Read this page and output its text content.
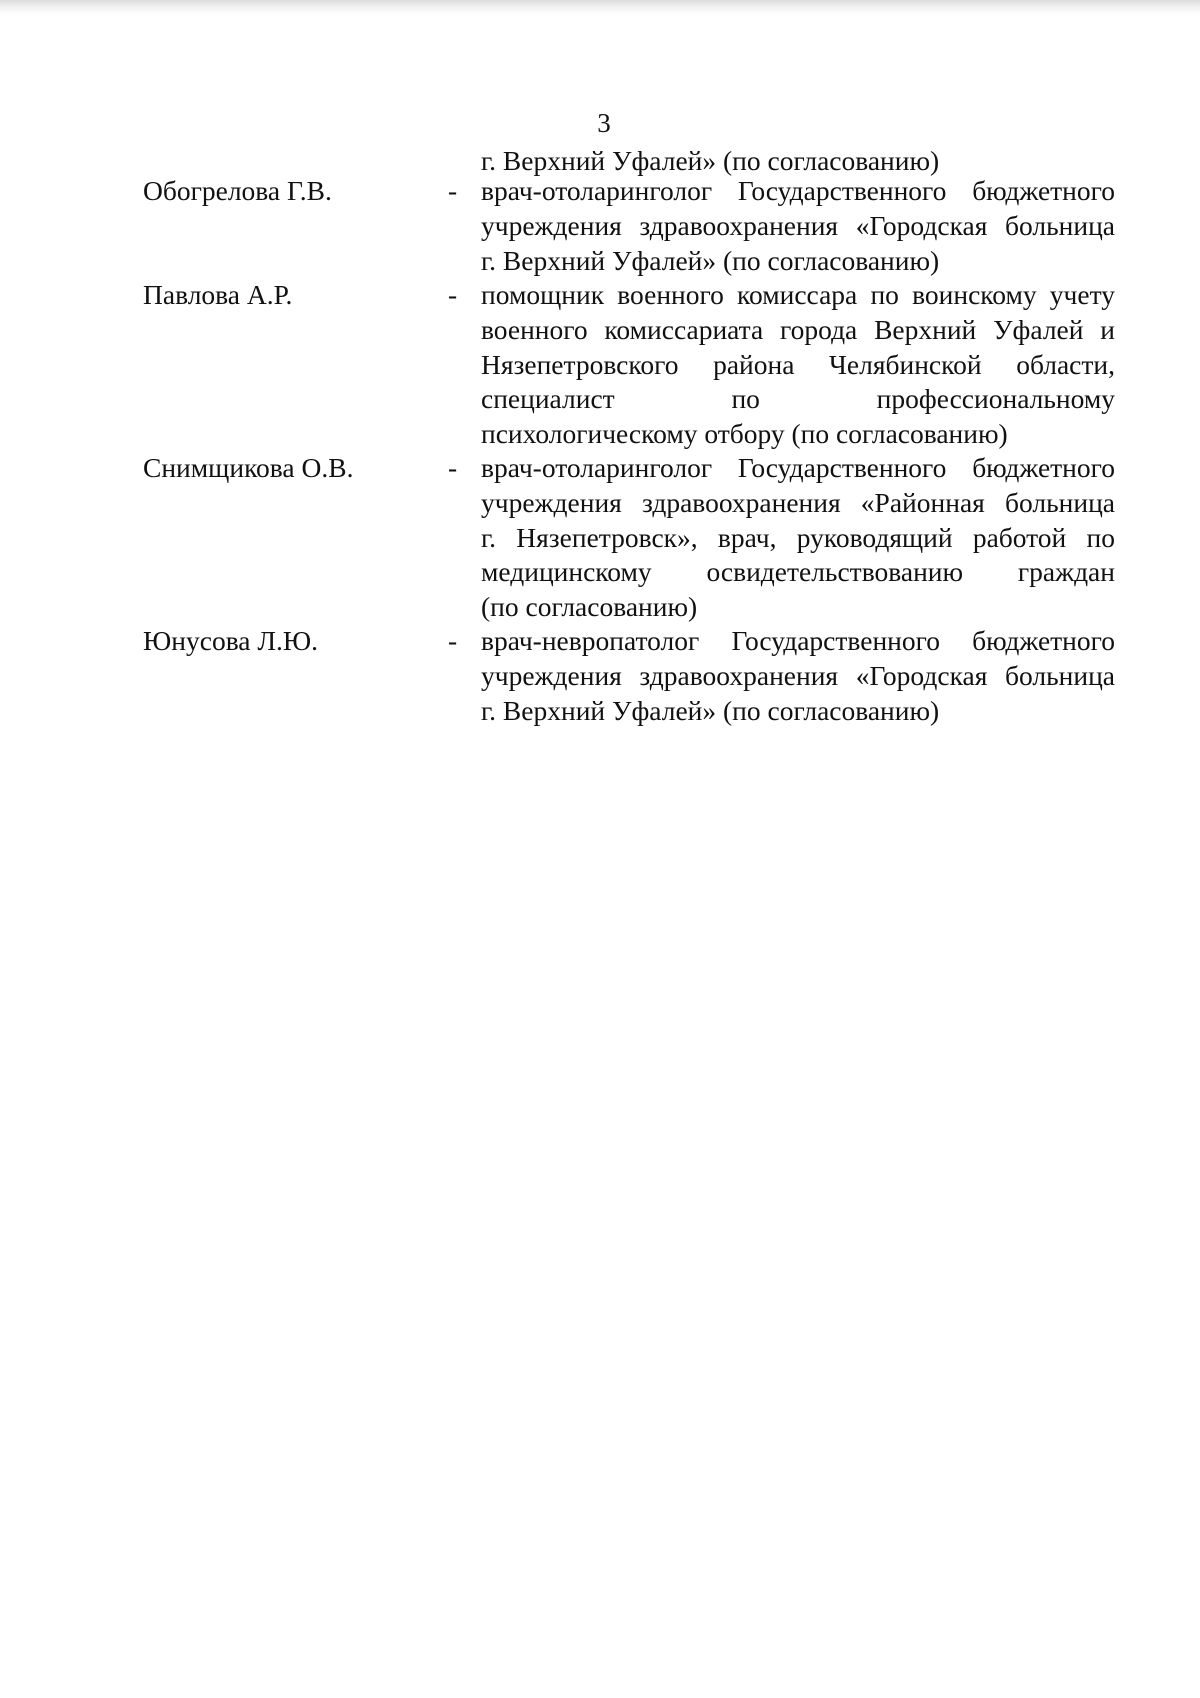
3
г. Верхний Уфалей» (по согласованию)
Обогрелова Г.В.	- врач-отоларинголог Государственного бюджетного
учреждения здравоохранения «Городская больница
г. Верхний Уфалей» (по согласованию)
Павлова А.Р.	- помощник военного комиссара по воинскому учету
военного комиссариата города Верхний Уфалей и
Нязепетровского района Челябинской области,
специалист по профессиональному
психологическому отбору (по согласованию)
Снимщикова О.В.	- врач-отоларинголог Государственного бюджетного
учреждения здравоохранения «Районная больница
г. Нязепетровск», врач, руководящий работой по
медицинскому освидетельствованию граждан
(по согласованию)
Юнусова Л.Ю.	- врач-невропатолог Государственного бюджетного
учреждения здравоохранения «Городская больница
г. Верхний Уфалей» (по согласованию)
